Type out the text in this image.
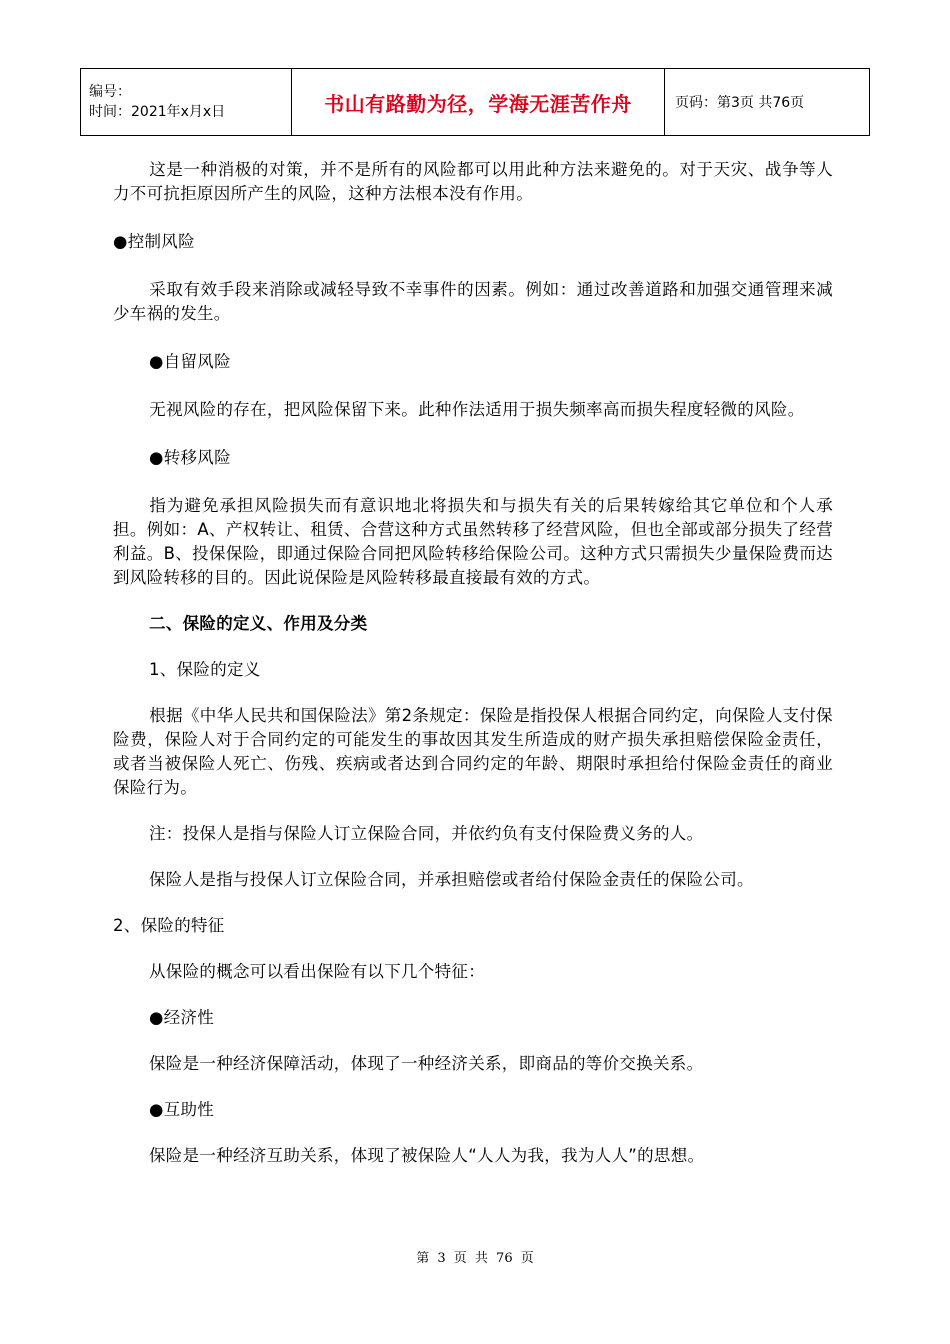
编号：
时间：2021年x月x日	书山有路勤为径，学海无涯苦作舟	页码：第3页 共76页

这是一种消极的对策，并不是所有的风险都可以用此种方法来避免的。对于天灾、战争等人力不可抗拒原因所产生的风险，这种方法根本没有作用。

●控制风险

采取有效手段来消除或减轻导致不幸事件的因素。例如：通过改善道路和加强交通管理来减少车祸的发生。

●自留风险

无视风险的存在，把风险保留下来。此种作法适用于损失频率高而损失程度轻微的风险。

●转移风险

指为避免承担风险损失而有意识地北将损失和与损失有关的后果转嫁给其它单位和个人承担。例如：A、产权转让、租赁、合营这种方式虽然转移了经营风险，但也全部或部分损失了经营利益。B、投保保险，即通过保险合同把风险转移给保险公司。这种方式只需损失少量保险费而达到风险转移的目的。因此说保险是风险转移最直接最有效的方式。

二、保险的定义、作用及分类

1、保险的定义

根据《中华人民共和国保险法》第2条规定：保险是指投保人根据合同约定，向保险人支付保险费，保险人对于合同约定的可能发生的事故因其发生所造成的财产损失承担赔偿保险金责任，或者当被保险人死亡、伤残、疾病或者达到合同约定的年龄、期限时承担给付保险金责任的商业保险行为。

注：投保人是指与保险人订立保险合同，并依约负有支付保险费义务的人。

保险人是指与投保人订立保险合同，并承担赔偿或者给付保险金责任的保险公司。

2、保险的特征

从保险的概念可以看出保险有以下几个特征：

●经济性

保险是一种经济保障活动，体现了一种经济关系，即商品的等价交换关系。

●互助性

保险是一种经济互助关系，体现了被保险人“人人为我，我为人人”的思想。

第 3 页 共 76 页
